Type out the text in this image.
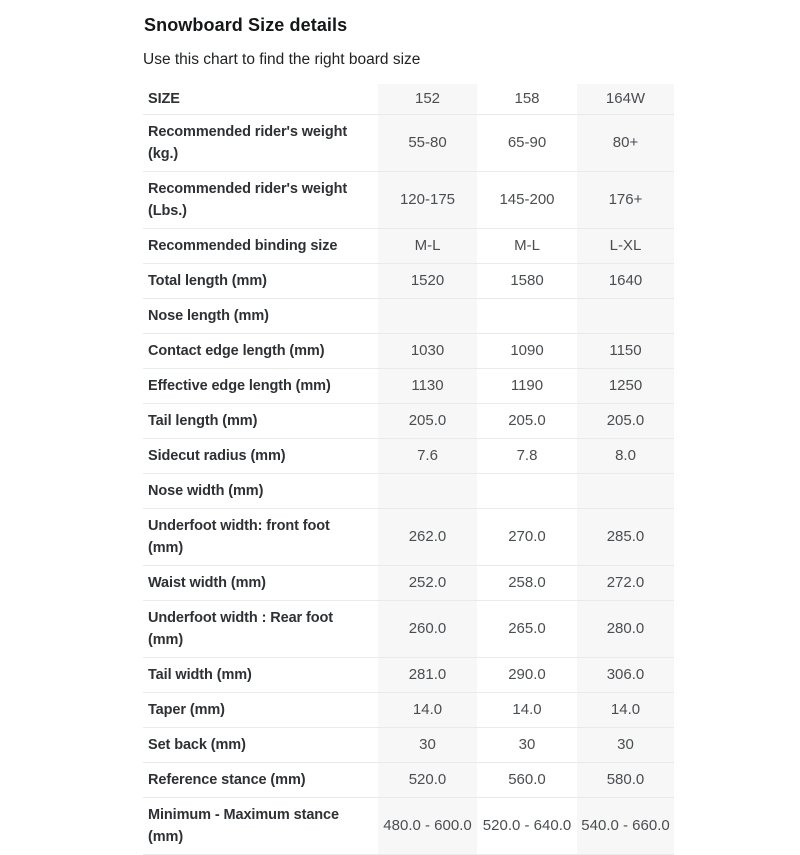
Snowboard Size details

Use this chart to find the right board size

SIZE	152	158	164W
Recommended rider's weight (kg.)	55-80	65-90	80+
Recommended rider's weight (Lbs.)	120-175	145-200	176+
Recommended binding size	M-L	M-L	L-XL
Total length (mm)	1520	1580	1640
Nose length (mm)			
Contact edge length (mm)	1030	1090	1150
Effective edge length (mm)	1130	1190	1250
Tail length (mm)	205.0	205.0	205.0
Sidecut radius (mm)	7.6	7.8	8.0
Nose width (mm)			
Underfoot width: front foot (mm)	262.0	270.0	285.0
Waist width (mm)	252.0	258.0	272.0
Underfoot width : Rear foot (mm)	260.0	265.0	280.0
Tail width (mm)	281.0	290.0	306.0
Taper (mm)	14.0	14.0	14.0
Set back (mm)	30	30	30
Reference stance (mm)	520.0	560.0	580.0
Minimum - Maximum stance (mm)	480.0 - 600.0	520.0 - 640.0	540.0 - 660.0
